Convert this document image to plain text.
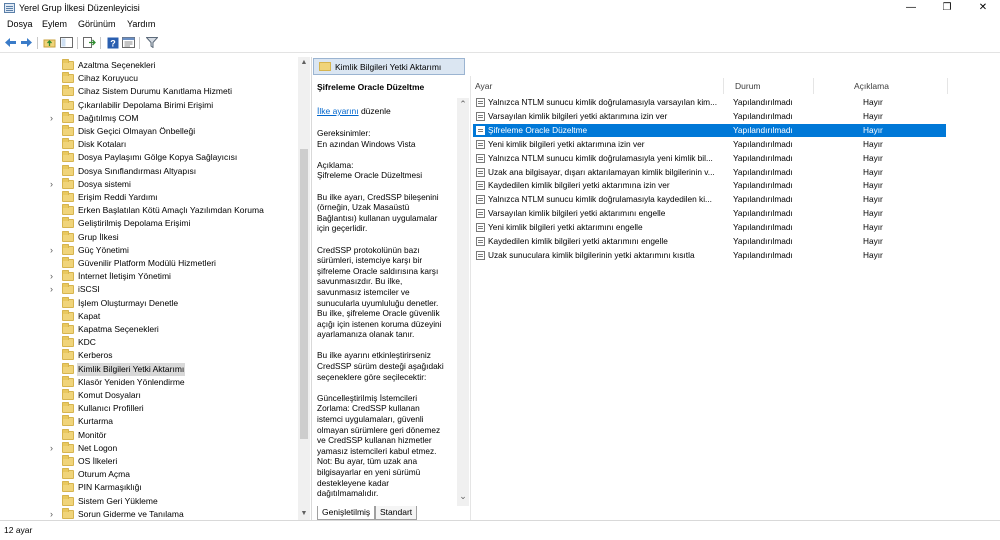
Yerel Grup İlkesi Düzenleyicisi	—	❐	✕
Dosya Eylem Görünüm Yardım
?
Azaltma Seçenekleri
Cihaz Koruyucu
Cihaz Sistem Durumu Kanıtlama Hizmeti
Çıkarılabilir Depolama Birimi Erişimi
›	Dağıtılmış COM
Disk Geçici Olmayan Önbelleği
Disk Kotaları
Dosya Paylaşımı Gölge Kopya Sağlayıcısı
Dosya Sınıflandırması Altyapısı
›	Dosya sistemi
Erişim Reddi Yardımı
Erken Başlatılan Kötü Amaçlı Yazılımdan Koruma
Geliştirilmiş Depolama Erişimi
Grup İlkesi
›	Güç Yönetimi
Güvenilir Platform Modülü Hizmetleri
›	İnternet İletişim Yönetimi
›	iSCSI
İşlem Oluşturmayı Denetle
Kapat
Kapatma Seçenekleri
KDC
Kerberos
Kimlik Bilgileri Yetki Aktarımı
Klasör Yeniden Yönlendirme
Komut Dosyaları
Kullanıcı Profilleri
Kurtarma
Monitör
›	Net Logon
OS İlkeleri
Oturum Açma
PIN Karmaşıklığı
Sistem Geri Yükleme
›	Sorun Giderme ve Tanılama
▲
▼
Kimlik Bilgileri Yetki Aktarımı
Şifreleme Oracle Düzeltme
İlke ayarını düzenle
Gereksinimler:
En azından Windows Vista

Açıklama:
Şifreleme Oracle Düzeltmesi

Bu ilke ayarı, CredSSP bileşenini
(örneğin, Uzak Masaüstü
Bağlantısı) kullanan uygulamalar
için geçerlidir.

CredSSP protokolünün bazı
sürümleri, istemciye karşı bir
şifreleme Oracle saldırısına karşı
savunmasızdır. Bu ilke,
savunmasız istemciler ve
sunucularla uyumluluğu denetler.
Bu ilke, şifreleme Oracle güvenlik
açığı için istenen koruma düzeyini
ayarlamanıza olanak tanır.

Bu ilke ayarını etkinleştirirseniz
CredSSP sürüm desteği aşağıdaki
seçeneklere göre seçilecektir:

Güncelleştirilmiş İstemcileri
Zorlama: CredSSP kullanan
istemci uygulamaları, güvenli
olmayan sürümlere geri dönemez
ve CredSSP kullanan hizmetler
yamasız istemcileri kabul etmez.
Not: Bu ayar, tüm uzak ana
bilgisayarlar en yeni sürümü
destekleyene kadar
dağıtılmamalıdır.
⌃
⌄
Genişletilmiş	Standart
Ayar	Durum	Açıklama
Yalnızca NTLM sunucu kimlik doğrulamasıyla varsayılan kim...	Yapılandırılmadı	Hayır
Varsayılan kimlik bilgileri yetki aktarımına izin ver	Yapılandırılmadı	Hayır
Şifreleme Oracle Düzeltme	Yapılandırılmadı	Hayır
Yeni kimlik bilgileri yetki aktarımına izin ver	Yapılandırılmadı	Hayır
Yalnızca NTLM sunucu kimlik doğrulamasıyla yeni kimlik bil...	Yapılandırılmadı	Hayır
Uzak ana bilgisayar, dışarı aktarılamayan kimlik bilgilerinin v...	Yapılandırılmadı	Hayır
Kaydedilen kimlik bilgileri yetki aktarımına izin ver	Yapılandırılmadı	Hayır
Yalnızca NTLM sunucu kimlik doğrulamasıyla kaydedilen ki...	Yapılandırılmadı	Hayır
Varsayılan kimlik bilgileri yetki aktarımını engelle	Yapılandırılmadı	Hayır
Yeni kimlik bilgileri yetki aktarımını engelle	Yapılandırılmadı	Hayır
Kaydedilen kimlik bilgileri yetki aktarımını engelle	Yapılandırılmadı	Hayır
Uzak sunuculara kimlik bilgilerinin yetki aktarımını kısıtla	Yapılandırılmadı	Hayır
12 ayar
